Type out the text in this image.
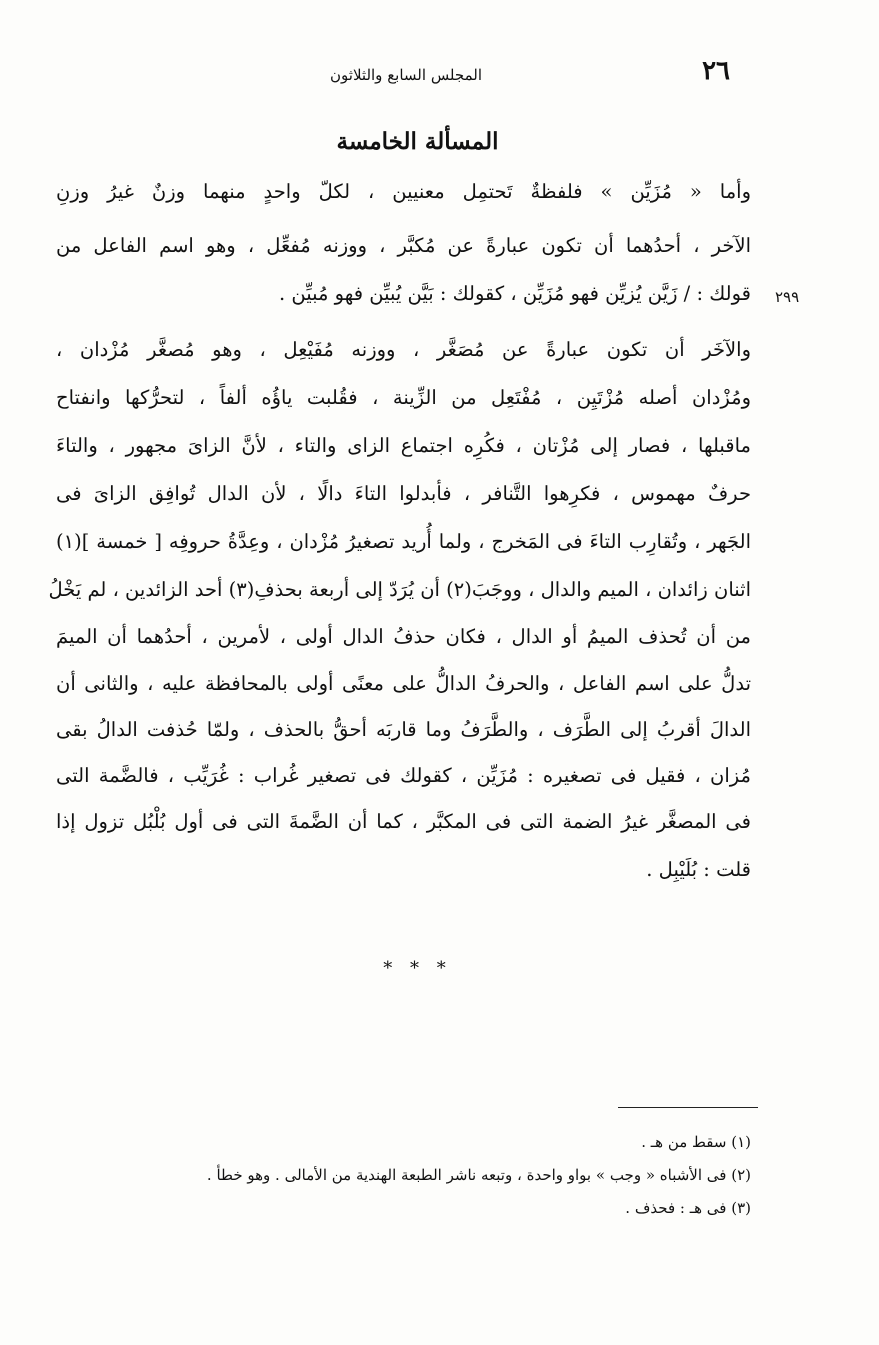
٢٦
المجلس السابع والثلاثون
المسألة الخامسة
وأما « مُزَيِّن » فلفظةٌ تَحتمِل معنيين ، لكلّ واحدٍ منهما وزنٌ غيرُ وزنِ
الآخر ، أحدُهما أن تكون عبارةً عن مُكبَّر ، ووزنه مُفعِّل ، وهو اسم الفاعل من
قولك : / زَيَّن يُزيِّن فهو مُزَيِّن ، كقولك : بَيَّن يُبيِّن فهو مُبيِّن . ٢٩٩
والآخَر أن تكون عبارةً عن مُصَغَّر ، ووزنه مُفَيْعِل ، وهو مُصغَّر مُزْدان ،
ومُزْدان أصله مُزْتَيِن ، مُفْتَعِل من الزِّينة ، فقُلبت ياؤُه ألفاً ، لتحرُّكها وانفتاح
ماقبلها ، فصار إلى مُزْتان ، فكُرِه اجتماع الزاى والتاء ، لأنَّ الزاىَ مجهور ، والتاءَ
حرفٌ مهموس ، فكرِهوا التَّنافر ، فأبدلوا التاءَ دالًا ، لأن الدال تُوافِق الزاىَ فى
الجَهر ، وتُقارِب التاءَ فى المَخرج ، ولما أُريد تصغيرُ مُزْدان ، وعِدَّةُ حروفِه [ خمسة ](١)
اثنان زائدان ، الميم والدال ، ووجَبَ(٢) أن يُرَدّ إلى أربعة بحذفِ(٣) أحد الزائدين ، لم يَخْلُ
من أن تُحذف الميمُ أو الدال ، فكان حذفُ الدال أولى ، لأمرين ، أحدُهما أن الميمَ
تدلُّ على اسم الفاعل ، والحرفُ الدالُّ على معنًى أولى بالمحافظة عليه ، والثانى أن
الدالَ أقربُ إلى الطَّرَف ، والطَّرَفُ وما قاربَه أحقُّ بالحذف ، ولمّا حُذفت الدالُ بقى
مُزان ، فقيل فى تصغيره : مُزَيِّن ، كقولك فى تصغير غُراب : غُرَيِّب ، فالضَّمة التى
فى المصغَّر غيرُ الضمة التى فى المكبَّر ، كما أن الضَّمةَ التى فى أول بُلْبُل تزول إذا
قلت : بُلَيْبِل .
* * *
(١) سقط من هـ .
(٢) فى الأشباه « وجب » بواو واحدة ، وتبعه ناشر الطبعة الهندية من الأمالى . وهو خطأ .
(٣) فى هـ : فحذف .
